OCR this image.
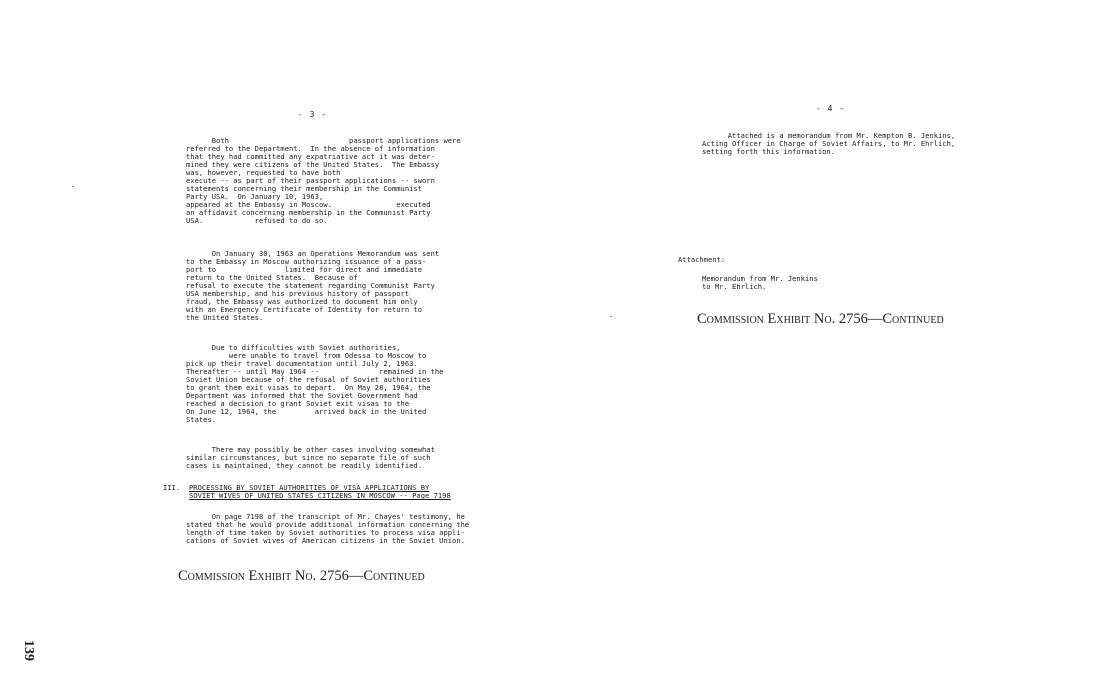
- 3 -
Both                            passport applications were
referred to the Department.  In the absence of information
that they had committed any expatriative act it was deter-
mined they were citizens of the United States.  The Embassy
was, however, requested to have both
execute -- as part of their passport applications -- sworn
statements concerning their membership in the Communist
Party USA.  On January 10, 1963,
appeared at the Embassy in Moscow.               executed
an affidavit concerning membership in the Communist Party
USA.            refused to do so.
On January 30, 1963 an Operations Memorandum was sent
to the Embassy in Moscow authorizing issuance of a pass-
port to                limited for direct and immediate
return to the United States.  Because of
refusal to execute the statement regarding Communist Party
USA membership, and his previous history of passport
fraud, the Embassy was authorized to document him only
with an Emergency Certificate of Identity for return to
the United States.
Due to difficulties with Soviet authorities,
were unable to travel from Odessa to Moscow to
pick up their travel documentation until July 2, 1963.
Thereafter -- until May 1964 --              remained in the
Soviet Union because of the refusal of Soviet authorities
to grant them exit visas to depart.  On May 28, 1964, the
Department was informed that the Soviet Government had
reached a decision to grant Soviet exit visas to the
On June 12, 1964, the         arrived back in the United
States.
There may possibly be other cases involving somewhat
similar circumstances, but since no separate file of such
cases is maintained, they cannot be readily identified.
III. PROCESSING BY SOVIET AUTHORITIES OF VISA APPLICATIONS BY
SOVIET WIVES OF UNITED STATES CITIZENS IN MOSCOW -- Page 7198
On page 7198 of the transcript of Mr. Chayes' testimony, he
stated that he would provide additional information concerning the
length of time taken by Soviet authorities to process visa appli-
cations of Soviet wives of American citizens in the Soviet Union.
Commission Exhibit No. 2756—Continued
139
- 4 -
Attached is a memorandum from Mr. Kempton B. Jenkins,
Acting Officer in Charge of Soviet Affairs, to Mr. Ehrlich,
setting forth this information.
Attachment:
Memorandum from Mr. Jenkins
to Mr. Ehrlich.
Commission Exhibit No. 2756—Continued
